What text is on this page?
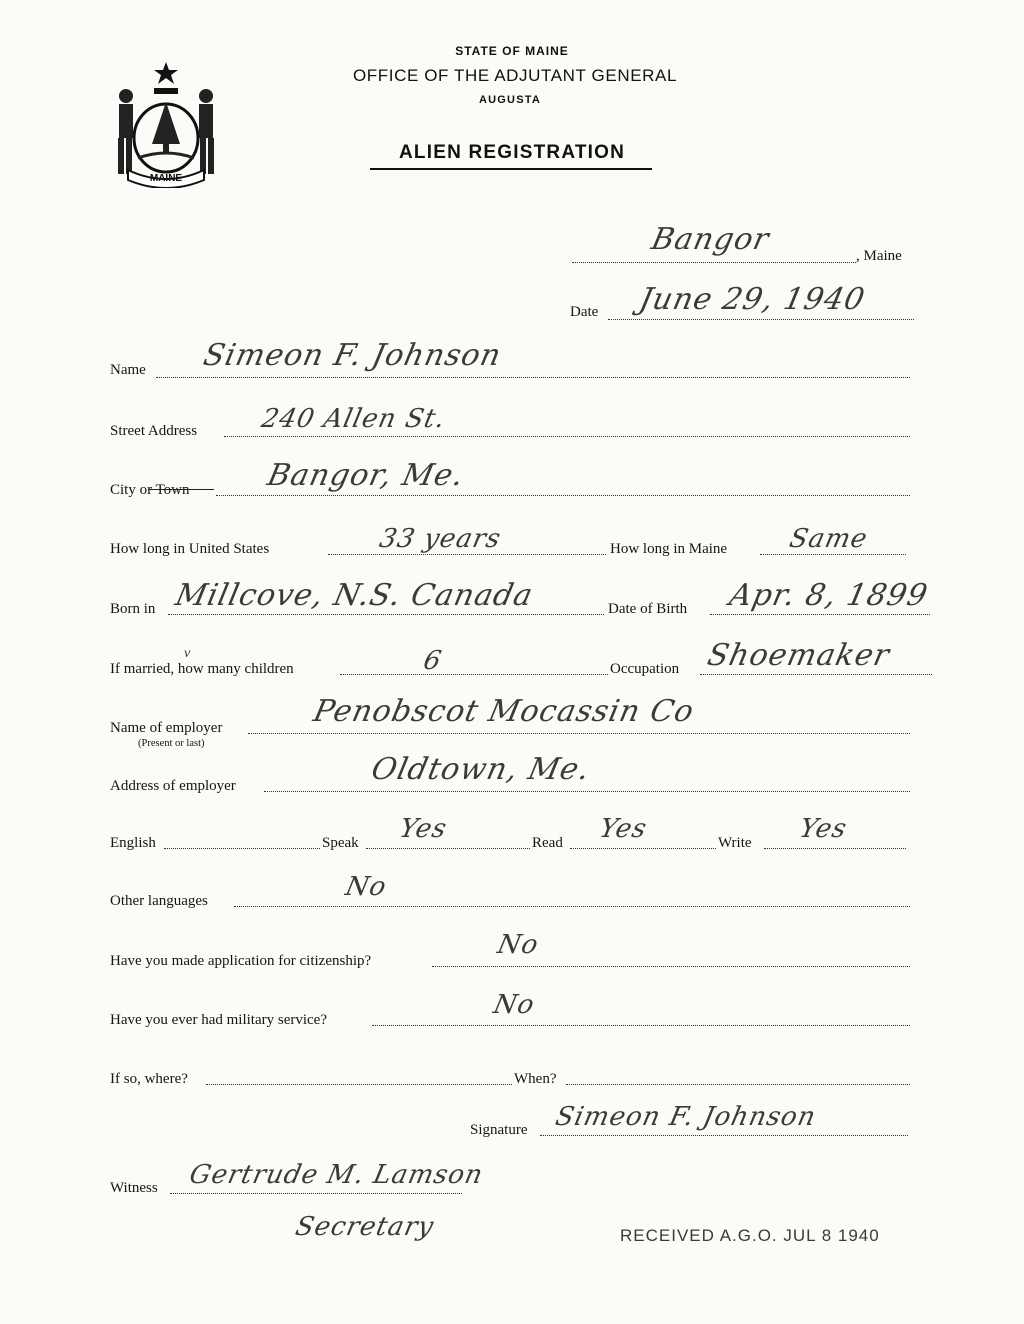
MAINE
STATE OF MAINE
OFFICE OF THE ADJUTANT GENERAL
AUGUSTA
ALIEN REGISTRATION
Bangor	, Maine
Date June 29, 1940
Name Simeon F. Johnson
Street Address 240 Allen St.
City or Town Bangor, Me.
How long in United States	33 years	How long in Maine Same
Born in Millcove, N.S. Canada	Date of Birth Apr. 8, 1899
v
If married, how many children	6	Occupation Shoemaker
Name of employer
(Present or last)
Penobscot Mocassin Co
Address of employer	Oldtown, Me.
English	Speak Yes	Read Yes	Write Yes
Other languages	No
Have you made application for citizenship?
No
Have you ever had military service?	No
If so, where?	When?
Signature Simeon F. Johnson
Witness Gertrude M. Lamson
Secretary	RECEIVED A.G.O. JUL 8 1940
